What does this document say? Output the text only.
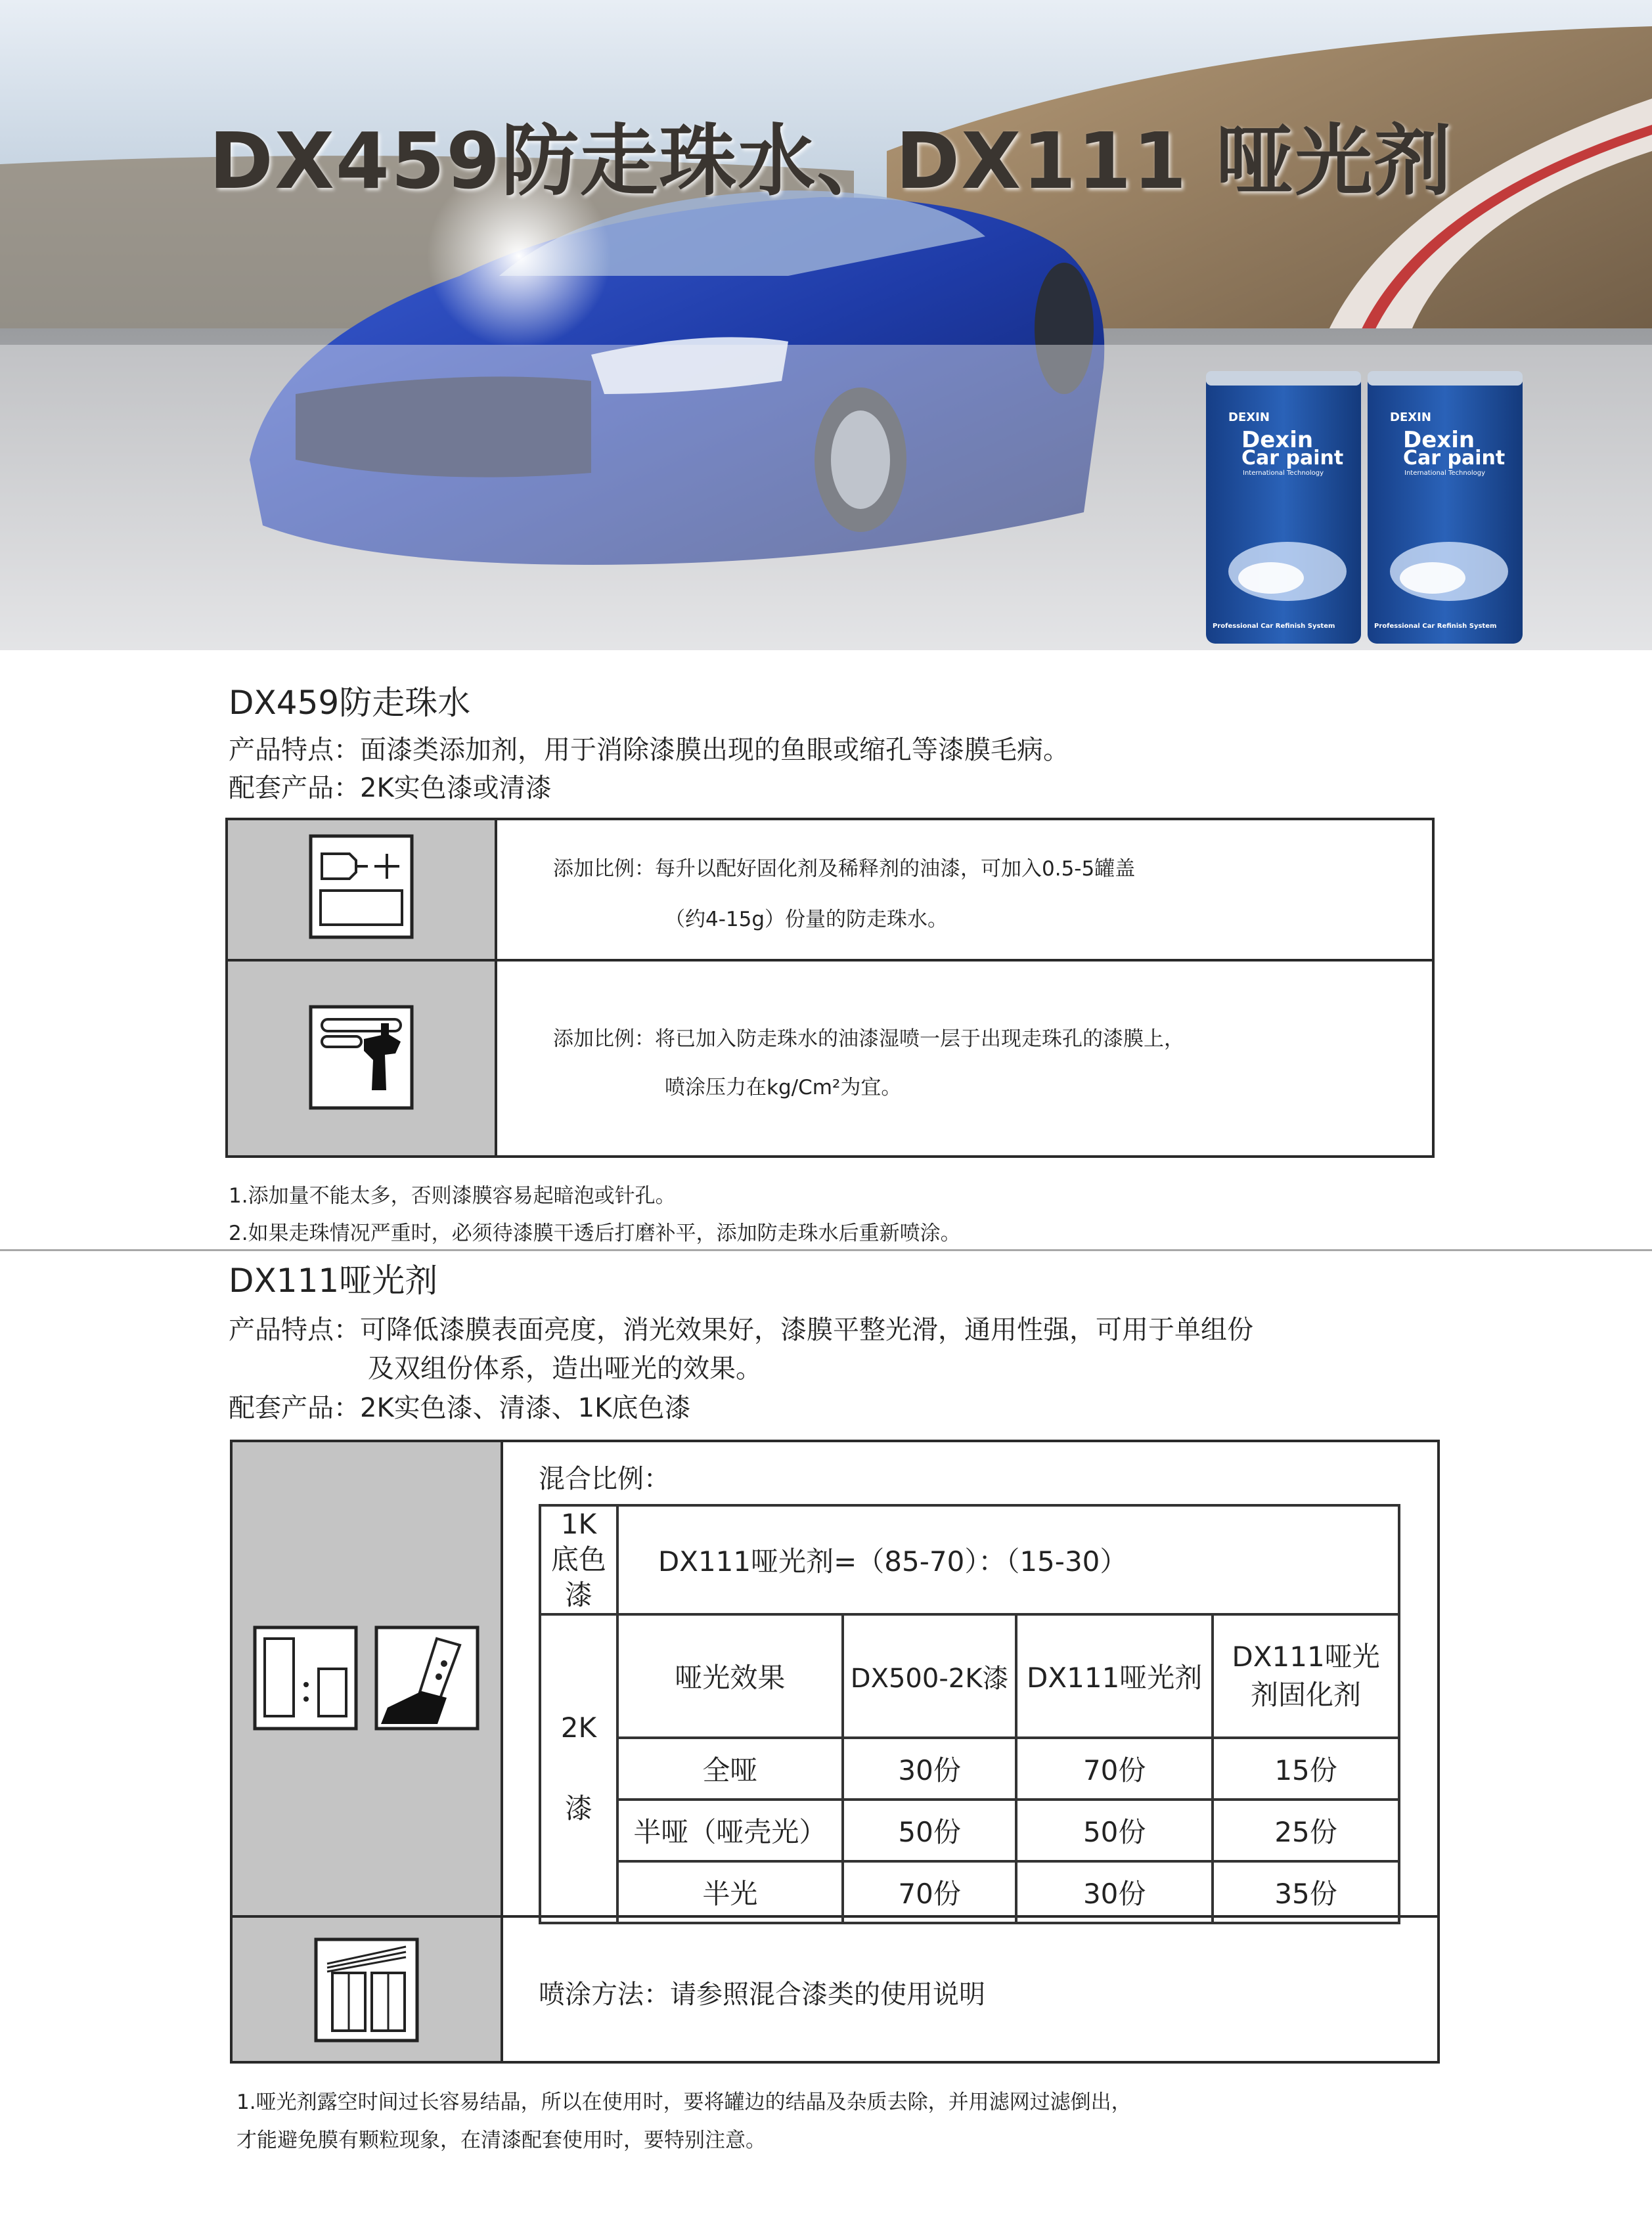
DX459防走珠水、DX111 哑光剂
DEXIN
Dexin
Car paint
International Technology
Professional Car Refinish System
DEXIN
Dexin
Car paint
International Technology
Professional Car Refinish System
DX459防走珠水
产品特点：面漆类添加剂，用于消除漆膜出现的鱼眼或缩孔等漆膜毛病。
配套产品：2K实色漆或清漆
添加比例：每升以配好固化剂及稀释剂的油漆，可加入0.5-5罐盖
（约4-15g）份量的防走珠水。
添加比例：将已加入防走珠水的油漆湿喷一层于出现走珠孔的漆膜上，
喷涂压力在kg/Cm²为宜。
1.添加量不能太多，否则漆膜容易起暗泡或针孔。
2.如果走珠情况严重时，必须待漆膜干透后打磨补平，添加防走珠水后重新喷涂。
DX111哑光剂
产品特点：可降低漆膜表面亮度，消光效果好，漆膜平整光滑，通用性强，可用于单组份
及双组份体系，造出哑光的效果。
配套产品：2K实色漆、清漆、1K底色漆
混合比例：
1K底色漆	DX111哑光剂=（85-70）：（15-30）			

2K
漆	哑光效果	DX500-2K漆	DX111哑光剂	DX111哑光剂固化剂

	全哑	30份	70份	15份
	半哑（哑壳光）	50份	50份	25份
	半光	70份	30份	35份
喷涂方法：请参照混合漆类的使用说明
1.哑光剂露空时间过长容易结晶，所以在使用时，要将罐边的结晶及杂质去除，并用滤网过滤倒出，
才能避免膜有颗粒现象，在清漆配套使用时，要特别注意。
